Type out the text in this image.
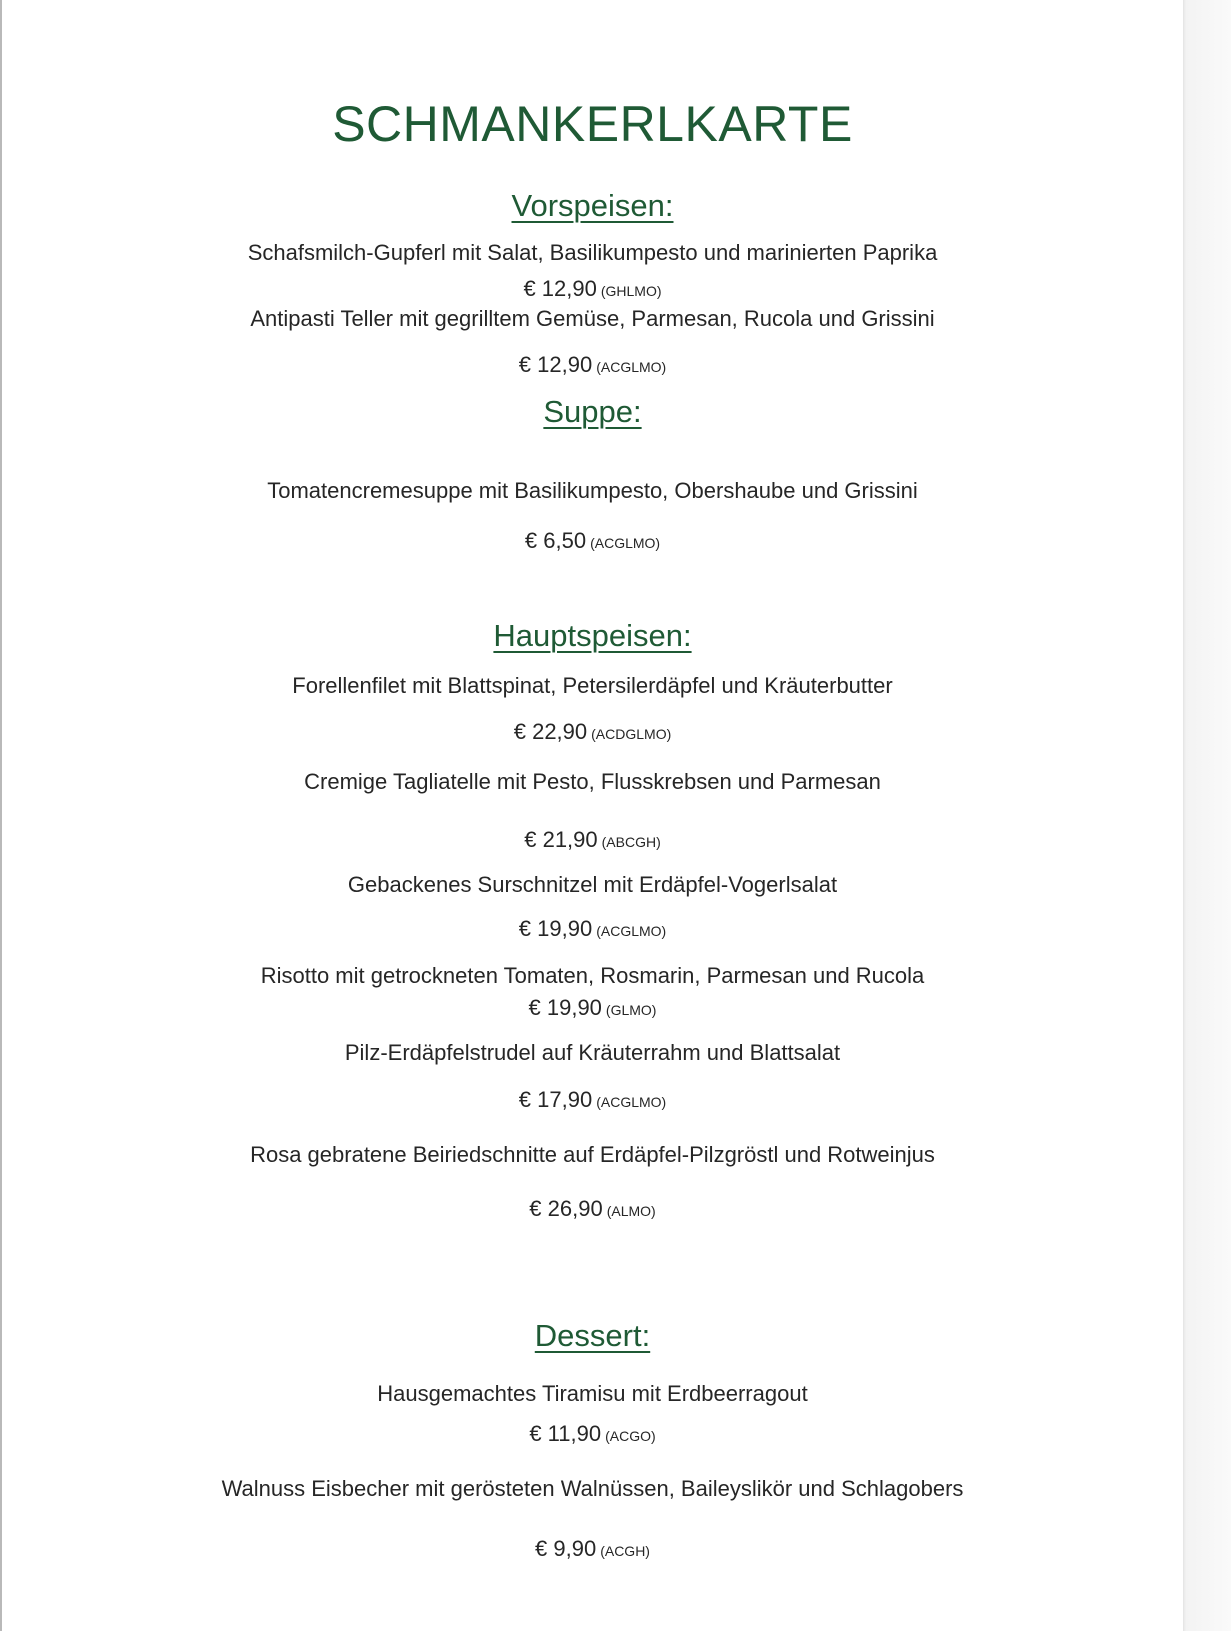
SCHMANKERLKARTE
Vorspeisen:
Schafsmilch-Gupferl mit Salat, Basilikumpesto und marinierten Paprika
€ 12,90 (GHLMO)
Antipasti Teller mit gegrilltem Gemüse, Parmesan, Rucola und Grissini
€ 12,90 (ACGLMO)
Suppe:
Tomatencremesuppe mit Basilikumpesto, Obershaube und Grissini
€ 6,50 (ACGLMO)
Hauptspeisen:
Forellenfilet mit Blattspinat, Petersilerdäpfel und Kräuterbutter
€ 22,90 (ACDGLMO)
Cremige Tagliatelle mit Pesto, Flusskrebsen und Parmesan
€ 21,90 (ABCGH)
Gebackenes Surschnitzel mit Erdäpfel-Vogerlsalat
€ 19,90 (ACGLMO)
Risotto mit getrockneten Tomaten, Rosmarin, Parmesan und Rucola
€ 19,90 (GLMO)
Pilz-Erdäpfelstrudel auf Kräuterrahm und Blattsalat
€ 17,90 (ACGLMO)
Rosa gebratene Beiriedschnitte auf Erdäpfel-Pilzgröstl und Rotweinjus
€ 26,90 (ALMO)
Dessert:
Hausgemachtes Tiramisu mit Erdbeerragout
€ 11,90 (ACGO)
Walnuss Eisbecher mit gerösteten Walnüssen, Baileyslikör und Schlagobers
€ 9,90 (ACGH)
